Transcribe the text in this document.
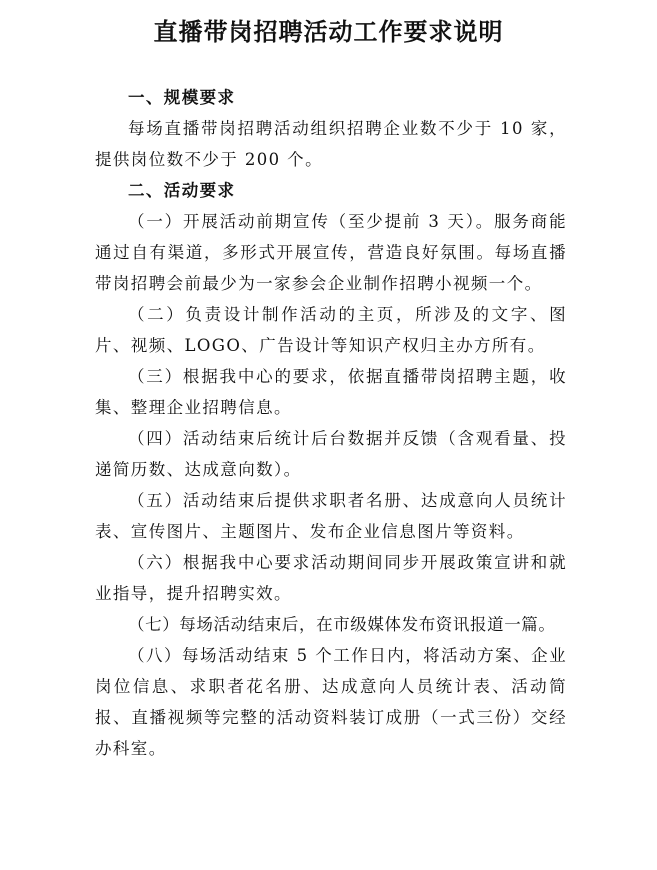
直播带岗招聘活动工作要求说明
一、规模要求

每场直播带岗招聘活动组织招聘企业数不少于 10 家，提供岗位数不少于 200 个。

二、活动要求

（一）开展活动前期宣传（至少提前 3 天）。服务商能通过自有渠道，多形式开展宣传，营造良好氛围。每场直播带岗招聘会前最少为一家参会企业制作招聘小视频一个。

（二）负责设计制作活动的主页，所涉及的文字、图片、视频、LOGO、广告设计等知识产权归主办方所有。

（三）根据我中心的要求，依据直播带岗招聘主题，收集、整理企业招聘信息。

（四）活动结束后统计后台数据并反馈（含观看量、投递简历数、达成意向数）。

（五）活动结束后提供求职者名册、达成意向人员统计表、宣传图片、主题图片、发布企业信息图片等资料。

（六）根据我中心要求活动期间同步开展政策宣讲和就业指导，提升招聘实效。

（七）每场活动结束后，在市级媒体发布资讯报道一篇。

（八）每场活动结束 5 个工作日内，将活动方案、企业岗位信息、求职者花名册、达成意向人员统计表、活动简报、直播视频等完整的活动资料装订成册（一式三份）交经办科室。
